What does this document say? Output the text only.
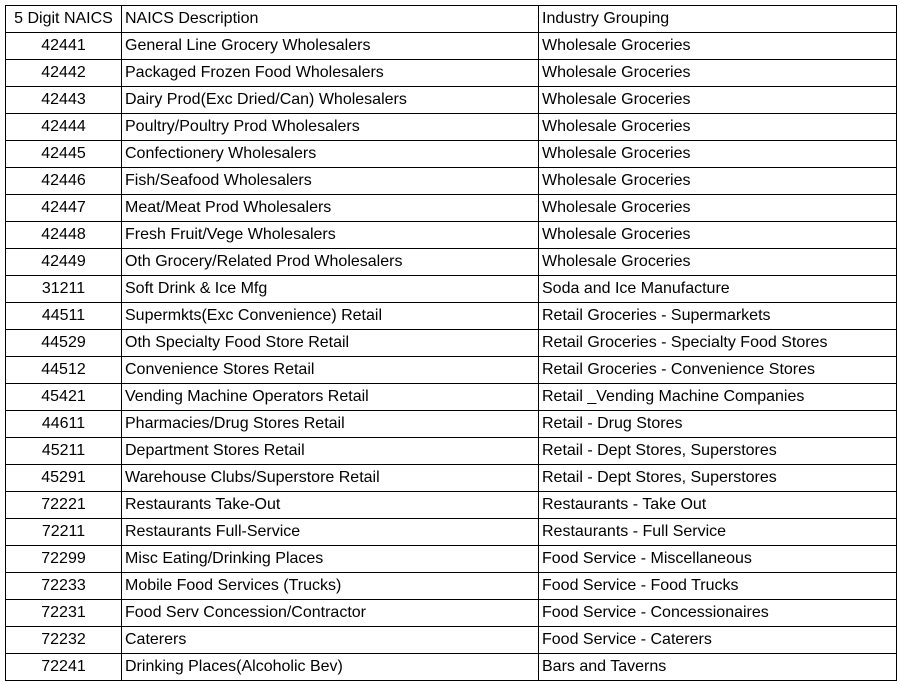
5 Digit NAICS	NAICS Description	Industry Grouping
42441	General Line Grocery Wholesalers	Wholesale Groceries
42442	Packaged Frozen Food Wholesalers	Wholesale Groceries
42443	Dairy Prod(Exc Dried/Can) Wholesalers	Wholesale Groceries
42444	Poultry/Poultry Prod Wholesalers	Wholesale Groceries
42445	Confectionery Wholesalers	Wholesale Groceries
42446	Fish/Seafood Wholesalers	Wholesale Groceries
42447	Meat/Meat Prod Wholesalers	Wholesale Groceries
42448	Fresh Fruit/Vege Wholesalers	Wholesale Groceries
42449	Oth Grocery/Related Prod Wholesalers	Wholesale Groceries
31211	Soft Drink & Ice Mfg	Soda and Ice Manufacture
44511	Supermkts(Exc Convenience) Retail	Retail Groceries - Supermarkets
44529	Oth Specialty Food Store Retail	Retail Groceries - Specialty Food Stores
44512	Convenience Stores Retail	Retail Groceries - Convenience Stores
45421	Vending Machine Operators Retail	Retail _Vending Machine Companies
44611	Pharmacies/Drug Stores Retail	Retail - Drug Stores
45211	Department Stores Retail	Retail - Dept Stores, Superstores
45291	Warehouse Clubs/Superstore Retail	Retail - Dept Stores, Superstores
72221	Restaurants Take-Out	Restaurants - Take Out
72211	Restaurants Full-Service	Restaurants - Full Service
72299	Misc Eating/Drinking Places	Food Service - Miscellaneous
72233	Mobile Food Services (Trucks)	Food Service - Food Trucks
72231	Food Serv Concession/Contractor	Food Service - Concessionaires
72232	Caterers	Food Service - Caterers
72241	Drinking Places(Alcoholic Bev)	Bars and Taverns
